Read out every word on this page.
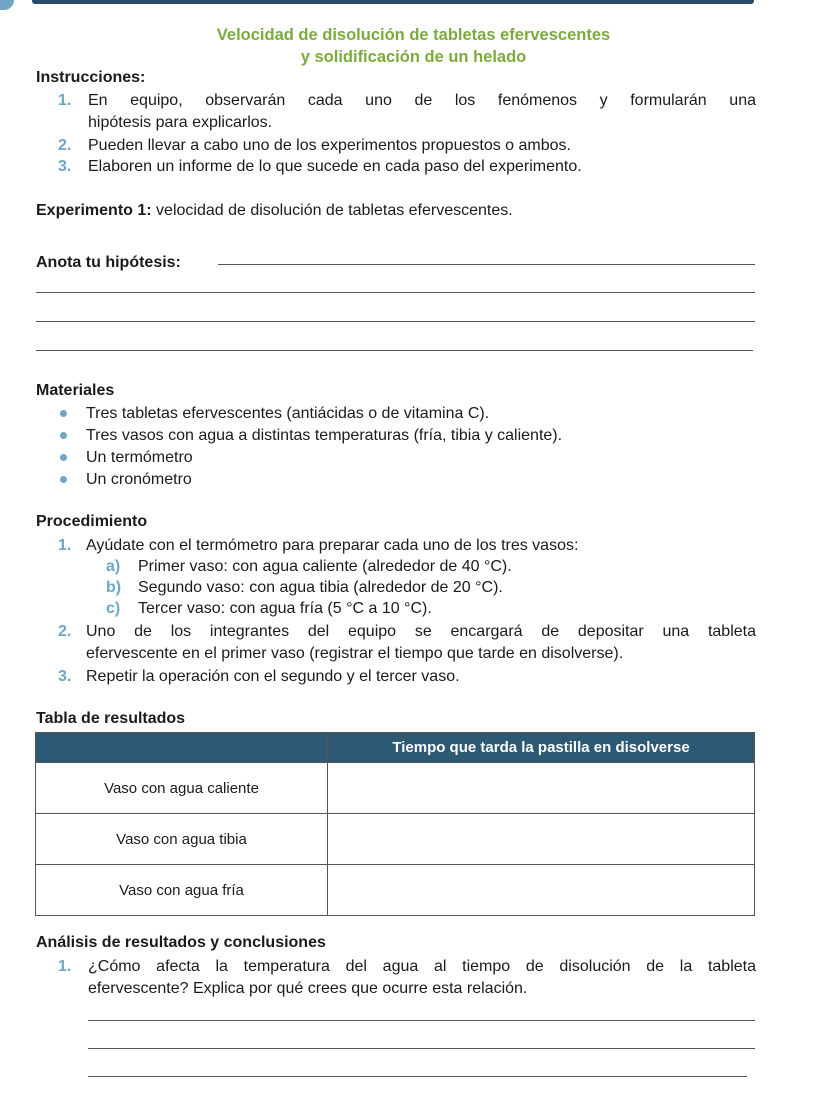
Velocidad de disolución de tabletas efervescentes
y solidificación de un helado
Instrucciones:
1. En equipo, observarán cada uno de los fenómenos y formularán una
hipótesis para explicarlos.
2. Pueden llevar a cabo uno de los experimentos propuestos o ambos.
3. Elaboren un informe de lo que sucede en cada paso del experimento.
Experimento 1: velocidad de disolución de tabletas efervescentes.
Anota tu hipótesis:
Materiales
Tres tabletas efervescentes (antiácidas o de vitamina C).
Tres vasos con agua a distintas temperaturas (fría, tibia y caliente).
Un termómetro
Un cronómetro
Procedimiento
1. Ayúdate con el termómetro para preparar cada uno de los tres vasos:
a) Primer vaso: con agua caliente (alrededor de 40 °C).
b) Segundo vaso: con agua tibia (alrededor de 20 °C).
c) Tercer vaso: con agua fría (5 °C a 10 °C).
2. Uno de los integrantes del equipo se encargará de depositar una tableta
efervescente en el primer vaso (registrar el tiempo que tarde en disolverse).
3. Repetir la operación con el segundo y el tercer vaso.
Tabla de resultados
	Tiempo que tarda la pastilla en disolverse
Vaso con agua caliente	
Vaso con agua tibia	
Vaso con agua fría	
Análisis de resultados y conclusiones
1. ¿Cómo afecta la temperatura del agua al tiempo de disolución de la tableta
efervescente? Explica por qué crees que ocurre esta relación.
